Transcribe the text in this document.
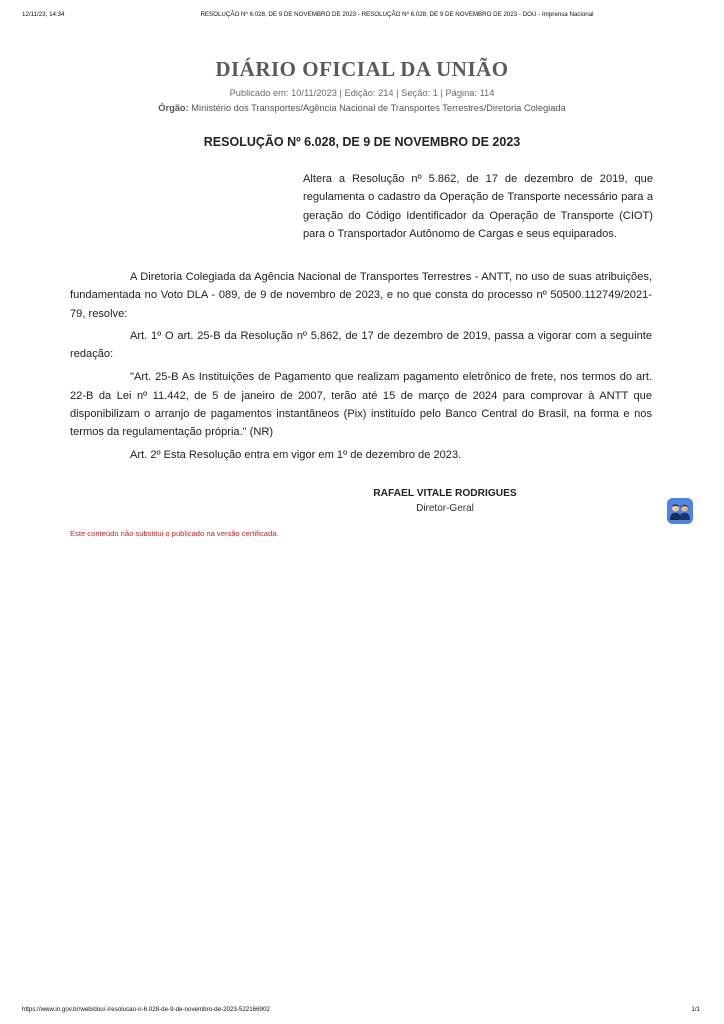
12/11/23, 14:34	RESOLUÇÃO Nº 6.028, DE 9 DE NOVEMBRO DE 2023 - RESOLUÇÃO Nº 6.028, DE 9 DE NOVEMBRO DE 2023 - DOU - Imprensa Nacional
DIÁRIO OFICIAL DA UNIÃO
Publicado em: 10/11/2023 | Edição: 214 | Seção: 1 | Página: 114
Órgão: Ministério dos Transportes/Agência Nacional de Transportes Terrestres/Diretoria Colegiada
RESOLUÇÃO Nº 6.028, DE 9 DE NOVEMBRO DE 2023
Altera a Resolução nº 5.862, de 17 de dezembro de 2019, que regulamenta o cadastro da Operação de Transporte necessário para a geração do Código Identificador da Operação de Transporte (CIOT) para o Transportador Autônomo de Cargas e seus equiparados.

A Diretoria Colegiada da Agência Nacional de Transportes Terrestres - ANTT, no uso de suas atribuições, fundamentada no Voto DLA - 089, de 9 de novembro de 2023, e no que consta do processo nº 50500.112749/2021-79, resolve:

Art. 1º O art. 25-B da Resolução nº 5.862, de 17 de dezembro de 2019, passa a vigorar com a seguinte redação:

"Art. 25-B As Instituições de Pagamento que realizam pagamento eletrônico de frete, nos termos do art. 22-B da Lei nº 11.442, de 5 de janeiro de 2007, terão até 15 de março de 2024 para comprovar à ANTT que disponibilizam o arranjo de pagamentos instantâneos (Pix) instituído pelo Banco Central do Brasil, na forma e nos termos da regulamentação própria." (NR)

Art. 2º Esta Resolução entra em vigor em 1º de dezembro de 2023.

RAFAEL VITALE RODRIGUES
Diretor-Geral
Este conteúdo não substitui o publicado na versão certificada.
https://www.in.gov.br/web/dou/-/resolucao-n-6.028-de-9-de-novembro-de-2023-522166902	1/1
